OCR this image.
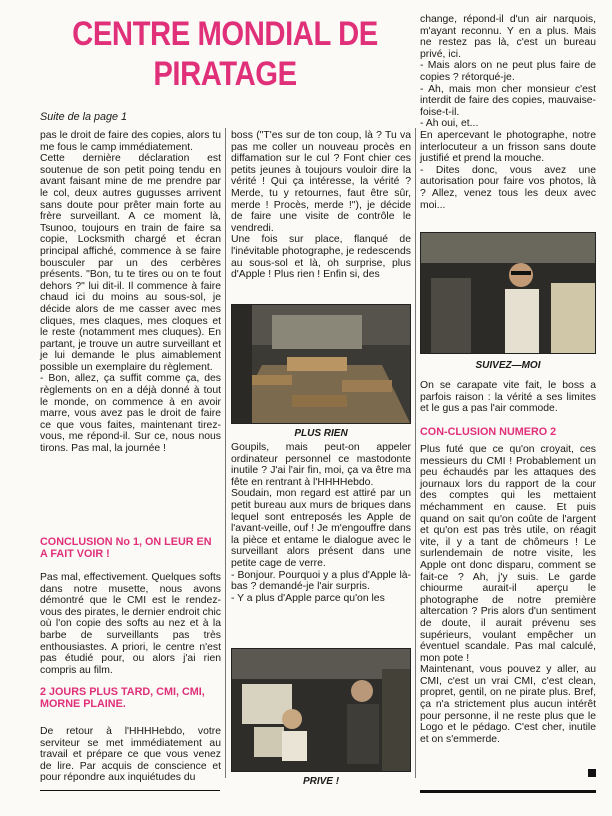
CENTRE MONDIAL DE PIRATAGE
Suite de la page 1
pas le droit de faire des copies, alors tu me fous le camp immédiatement.
Cette dernière déclaration est soutenue de son petit poing tendu en avant faisant mine de me prendre par le col, deux autres gugusses arrivent sans doute pour prêter main forte au frère surveillant. A ce moment là, Tsunoo, toujours en train de faire sa copie, Locksmith chargé et écran principal affiché, commence à se faire bousculer par un des cerbères présents. "Bon, tu te tires ou on te fout dehors ?" lui dit-il. Il commence à faire chaud ici du moins au sous-sol, je décide alors de me casser avec mes cliques, mes claques, mes cloques et le reste (notamment mes cluques). En partant, je trouve un autre surveillant et je lui demande le plus aimablement possible un exemplaire du règlement.
- Bon, allez, ça suffit comme ça, des règlements on en a déjà donné à tout le monde, on commence à en avoir marre, vous avez pas le droit de faire ce que vous faites, maintenant tirez-vous, me répond-il. Sur ce, nous nous tirons. Pas mal, la journée !
CONCLUSION No 1, ON LEUR EN A FAIT VOIR !
Pas mal, effectivement. Quelques softs dans notre musette, nous avons démontré que le CMI est le rendez-vous des pirates, le dernier endroit chic où l'on copie des softs au nez et à la barbe de surveillants pas très enthousiastes. A priori, le centre n'est pas étudié pour, ou alors j'ai rien compris au film.
2 JOURS PLUS TARD, CMI, CMI, MORNE PLAINE.
De retour à l'HHHHebdo, votre serviteur se met immédiatement au travail et prépare ce que vous venez de lire. Par acquis de conscience et pour répondre aux inquiétudes du
boss ("T'es sur de ton coup, là ? Tu va pas me coller un nouveau procès en diffamation sur le cul ? Font chier ces petits jeunes à toujours vouloir dire la vérité ! Qui ça intéresse, la vérité ? Merde, tu y retournes, faut être sûr, merde ! Procès, merde !"), je décide de faire une visite de contrôle le vendredi.
Une fois sur place, flanqué de l'inévitable photographe, je redescends au sous-sol et là, oh surprise, plus d'Apple ! Plus rien ! Enfin si, des
PLUS RIEN
Goupils, mais peut-on appeler ordinateur personnel ce mastodonte inutile ? J'ai l'air fin, moi, ça va être ma fête en rentrant à l'HHHHebdo.
Soudain, mon regard est attiré par un petit bureau aux murs de briques dans lequel sont entreposés les Apple de l'avant-veille, ouf ! Je m'engouffre dans la pièce et entame le dialogue avec le surveillant alors présent dans une petite cage de verre.
- Bonjour. Pourquoi y a plus d'Apple là-bas ? demandé-je l'air surpris.
- Y a plus d'Apple parce qu'on les
PRIVE !
change, répond-il d'un air narquois, m'ayant reconnu. Y en a plus. Mais ne restez pas là, c'est un bureau privé, ici.
- Mais alors on ne peut plus faire de copies ? rétorqué-je.
- Ah, mais mon cher monsieur c'est interdit de faire des copies, mauvaise-foise-t-il.
- Ah oui, et...
En apercevant le photographe, notre interlocuteur a un frisson sans doute justifié et prend la mouche.
- Dites donc, vous avez une autorisation pour faire vos photos, là ? Allez, venez tous les deux avec moi...
SUIVEZ—MOI
On se carapate vite fait, le boss a parfois raison : la vérité a ses limites et le gus a pas l'air commode.
CON-CLUSION NUMERO 2
Plus futé que ce qu'on croyait, ces messieurs du CMI ! Probablement un peu échaudés par les attaques des journaux lors du rapport de la cour des comptes qui les mettaient méchamment en cause. Et puis quand on sait qu'on coûte de l'argent et qu'on est pas très utile, on réagit vite, il y a tant de chômeurs ! Le surlendemain de notre visite, les Apple ont donc disparu, comment se fait-ce ? Ah, j'y suis. Le garde chiourme aurait-il aperçu le photographe de notre première altercation ? Pris alors d'un sentiment de doute, il aurait prévenu ses supérieurs, voulant empêcher un éventuel scandale. Pas mal calculé, mon pote !
Maintenant, vous pouvez y aller, au CMI, c'est un vrai CMI, c'est clean, propret, gentil, on ne pirate plus. Bref, ça n'a strictement plus aucun intérêt pour personne, il ne reste plus que le Logo et le pédago. C'est cher, inutile et on s'emmerde.
